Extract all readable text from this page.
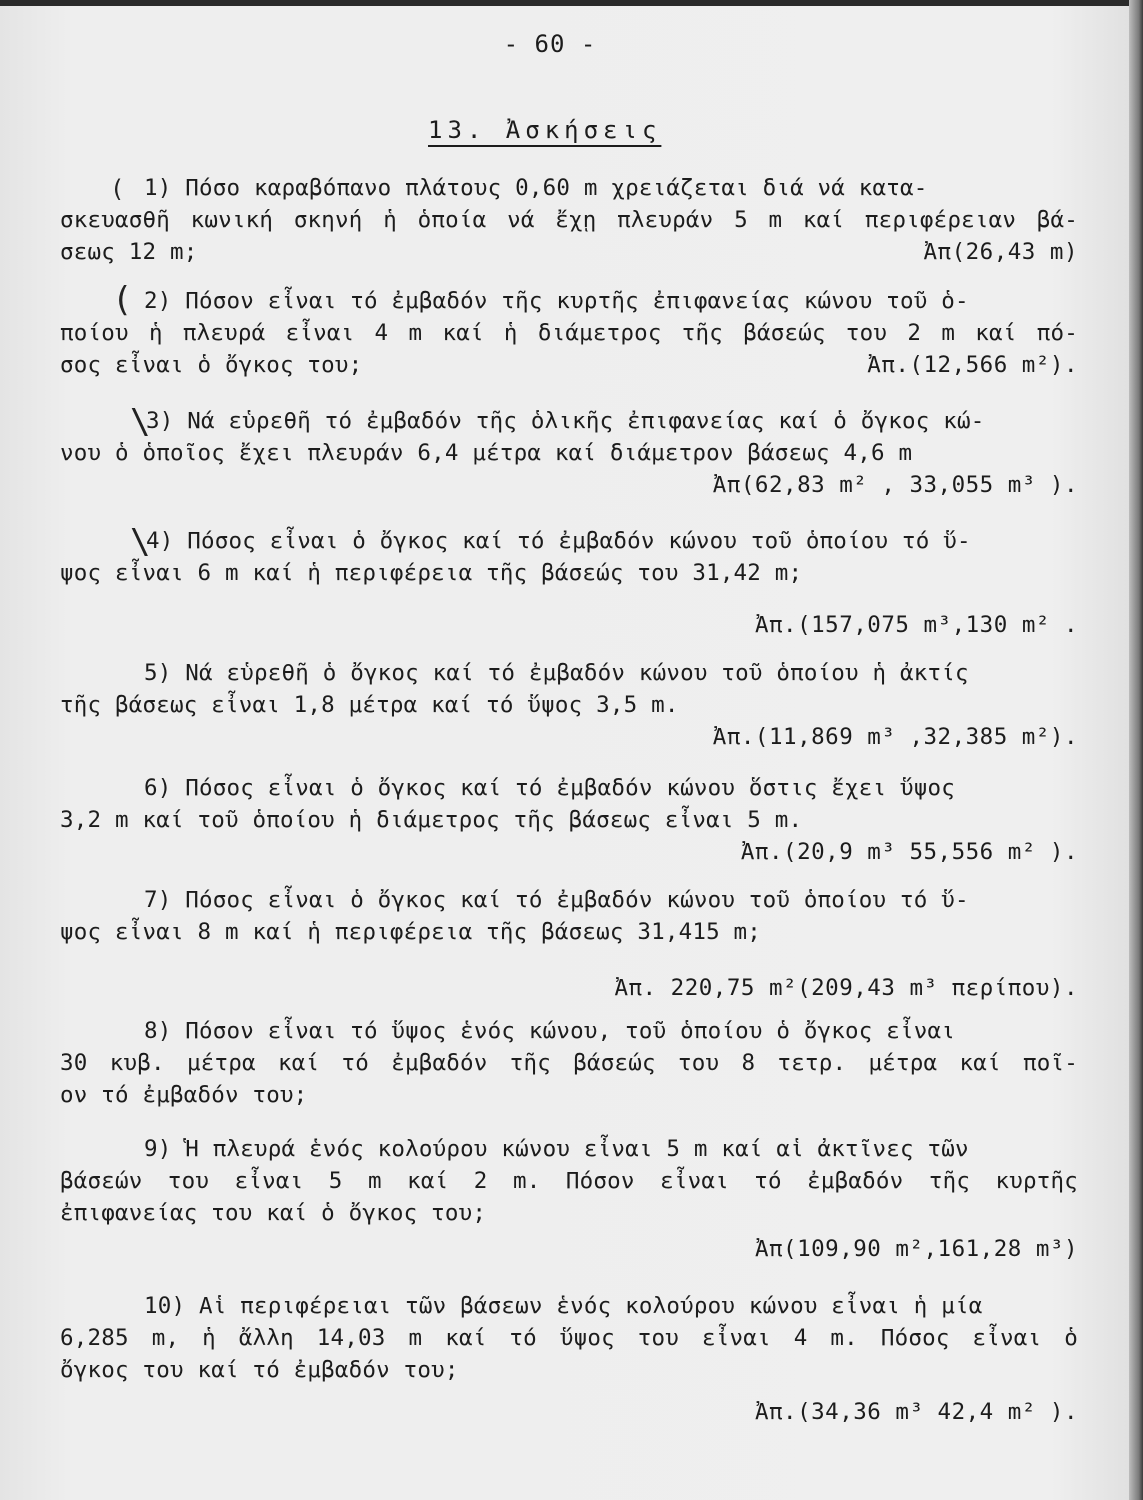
- 60 -
13. Ἀσκήσεις
( 1) Πόσο καραβόπανο πλάτους 0,60 m χρειάζεται διά νά κατα-
σκευασθῆ κωνική σκηνή ἡ ὁποία νά ἔχῃ πλευράν 5 m καί περιφέρειαν βά-
σεως 12 m;	Ἀπ(26,43 m)
( 2) Πόσον εἶναι τό ἐμβαδόν τῆς κυρτῆς ἐπιφανείας κώνου τοῦ ὁ-
ποίου ἡ πλευρά εἶναι 4 m καί ἡ διάμετρος τῆς βάσεώς του 2 m καί πό-
σος εἶναι ὁ ὄγκος του;	Ἀπ.(12,566 m²).
\
3) Νά εὑρεθῆ τό ἐμβαδόν τῆς ὁλικῆς ἐπιφανείας καί ὁ ὄγκος κώ-
νου ὁ ὁποῖος ἔχει πλευράν 6,4 μέτρα καί διάμετρον βάσεως 4,6 m
Ἀπ(62,83 m² , 33,055 m³ ).
\
4) Πόσος εἶναι ὁ ὄγκος καί τό ἐμβαδόν κώνου τοῦ ὁποίου τό ὕ-
ψος εἶναι 6 m καί ἡ περιφέρεια τῆς βάσεώς του 31,42 m;
Ἀπ.(157,075 m³,130 m² .
5) Νά εὑρεθῆ ὁ ὄγκος καί τό ἐμβαδόν κώνου τοῦ ὁποίου ἡ ἀκτίς
τῆς βάσεως εἶναι 1,8 μέτρα καί τό ὕψος 3,5 m.
Ἀπ.(11,869 m³ ,32,385 m²).
6) Πόσος εἶναι ὁ ὄγκος καί τό ἐμβαδόν κώνου ὅστις ἔχει ὕψος
3,2 m καί τοῦ ὁποίου ἡ διάμετρος τῆς βάσεως εἶναι 5 m.
Ἀπ.(20,9 m³ 55,556 m² ).
7) Πόσος εἶναι ὁ ὄγκος καί τό ἐμβαδόν κώνου τοῦ ὁποίου τό ὕ-
ψος εἶναι 8 m καί ἡ περιφέρεια τῆς βάσεως 31,415 m;
Ἀπ. 220,75 m²(209,43 m³ περίπου).
8) Πόσον εἶναι τό ὕψος ἑνός κώνου, τοῦ ὁποίου ὁ ὄγκος εἶναι
30 κυβ. μέτρα καί τό ἐμβαδόν τῆς βάσεώς του 8 τετρ. μέτρα καί ποῖ-
ον τό ἐμβαδόν του;
9) Ἡ πλευρά ἑνός κολούρου κώνου εἶναι 5 m καί αἱ ἀκτῖνες τῶν
βάσεών του εἶναι 5 m καί 2 m. Πόσον εἶναι τό ἐμβαδόν τῆς κυρτῆς
ἐπιφανείας του καί ὁ ὄγκος του;
Ἀπ(109,90 m²,161,28 m³)
10) Αἱ περιφέρειαι τῶν βάσεων ἑνός κολούρου κώνου εἶναι ἡ μία
6,285 m, ἡ ἄλλη 14,03 m καί τό ὕψος του εἶναι 4 m. Πόσος εἶναι ὁ
ὄγκος του καί τό ἐμβαδόν του;
Ἀπ.(34,36 m³ 42,4 m² ).
